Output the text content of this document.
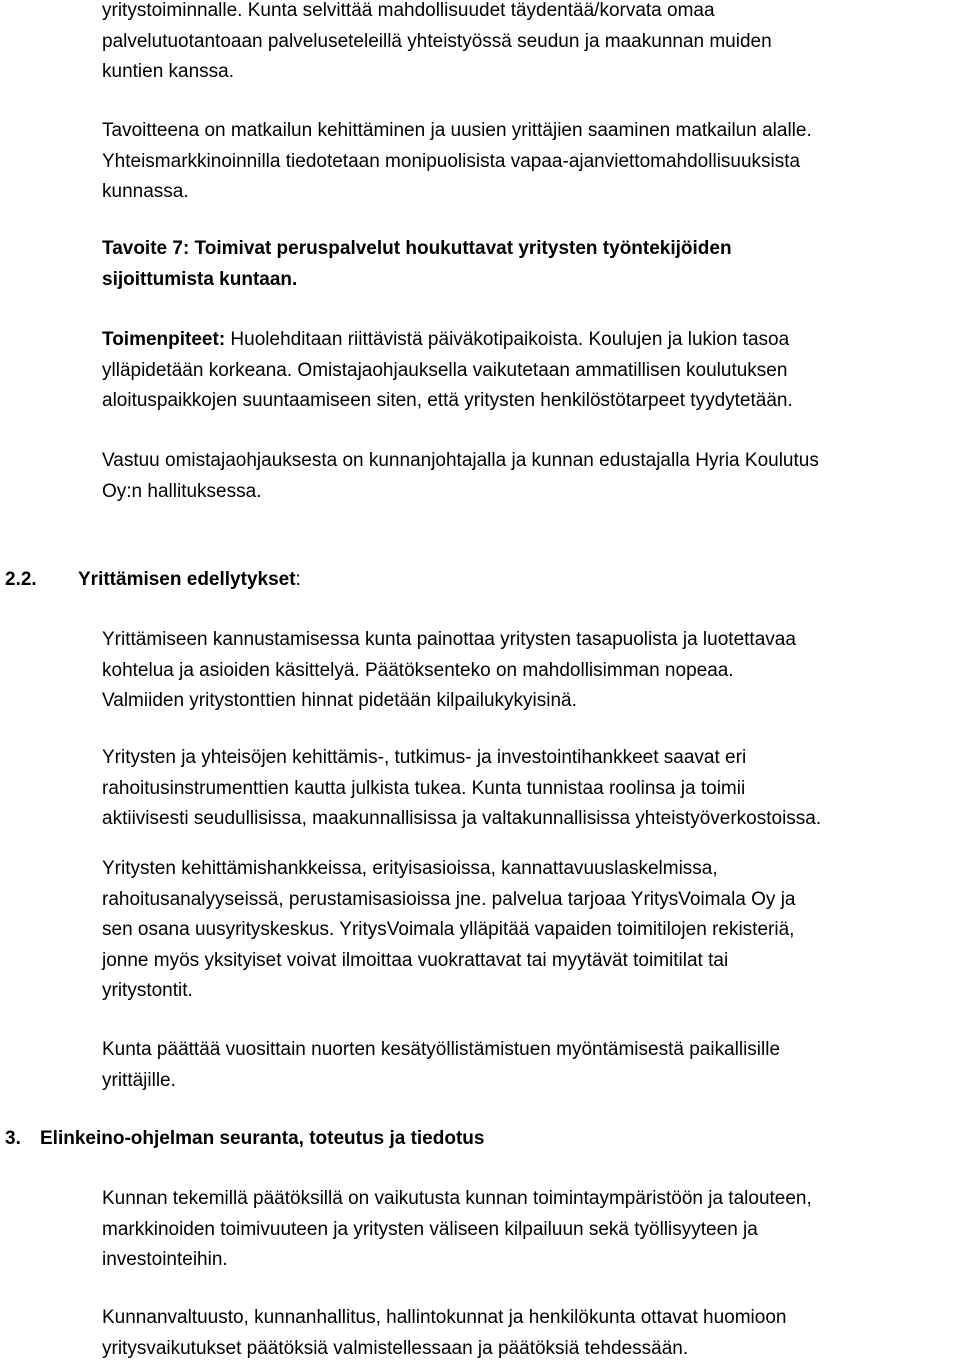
yritystoiminnalle. Kunta selvittää mahdollisuudet täydentää/korvata omaa
palvelutuotantoaan palveluseteleillä yhteistyössä seudun ja maakunnan muiden
kuntien kanssa.
Tavoitteena on matkailun kehittäminen ja uusien yrittäjien saaminen matkailun alalle.
Yhteismarkkinoinnilla tiedotetaan monipuolisista vapaa-ajanviettomahdollisuuksista
kunnassa.
Tavoite 7: Toimivat peruspalvelut houkuttavat yritysten työntekijöiden
sijoittumista kuntaan.
Toimenpiteet: Huolehditaan riittävistä päiväkotipaikoista. Koulujen ja lukion tasoa
ylläpidetään korkeana. Omistajaohjauksella vaikutetaan ammatillisen koulutuksen
aloituspaikkojen suuntaamiseen siten, että yritysten henkilöstötarpeet tyydytetään.
Vastuu omistajaohjauksesta on kunnanjohtajalla ja kunnan edustajalla Hyria Koulutus
Oy:n hallituksessa.
2.2. Yrittämisen edellytykset:
Yrittämiseen kannustamisessa kunta painottaa yritysten tasapuolista ja luotettavaa
kohtelua ja asioiden käsittelyä. Päätöksenteko on mahdollisimman nopeaa.
Valmiiden yritystonttien hinnat pidetään kilpailukykyisinä.
Yritysten ja yhteisöjen kehittämis-, tutkimus- ja investointihankkeet saavat eri
rahoitusinstrumenttien kautta julkista tukea. Kunta tunnistaa roolinsa ja toimii
aktiivisesti seudullisissa, maakunnallisissa ja valtakunnallisissa yhteistyöverkostoissa.
Yritysten kehittämishankkeissa, erityisasioissa, kannattavuuslaskelmissa,
rahoitusanalyyseissä, perustamisasioissa jne. palvelua tarjoaa YritysVoimala Oy ja
sen osana uusyrityskeskus. YritysVoimala ylläpitää vapaiden toimitilojen rekisteriä,
jonne myös yksityiset voivat ilmoittaa vuokrattavat tai myytävät toimitilat tai
yritystontit.
Kunta päättää vuosittain nuorten kesätyöllistämistuen myöntämisestä paikallisille
yrittäjille.
3. Elinkeino-ohjelman seuranta, toteutus ja tiedotus
Kunnan tekemillä päätöksillä on vaikutusta kunnan toimintaympäristöön ja talouteen,
markkinoiden toimivuuteen ja yritysten väliseen kilpailuun sekä työllisyyteen ja
investointeihin.
Kunnanvaltuusto, kunnanhallitus, hallintokunnat ja henkilökunta ottavat huomioon
yritysvaikutukset päätöksiä valmistellessaan ja päätöksiä tehdessään.
